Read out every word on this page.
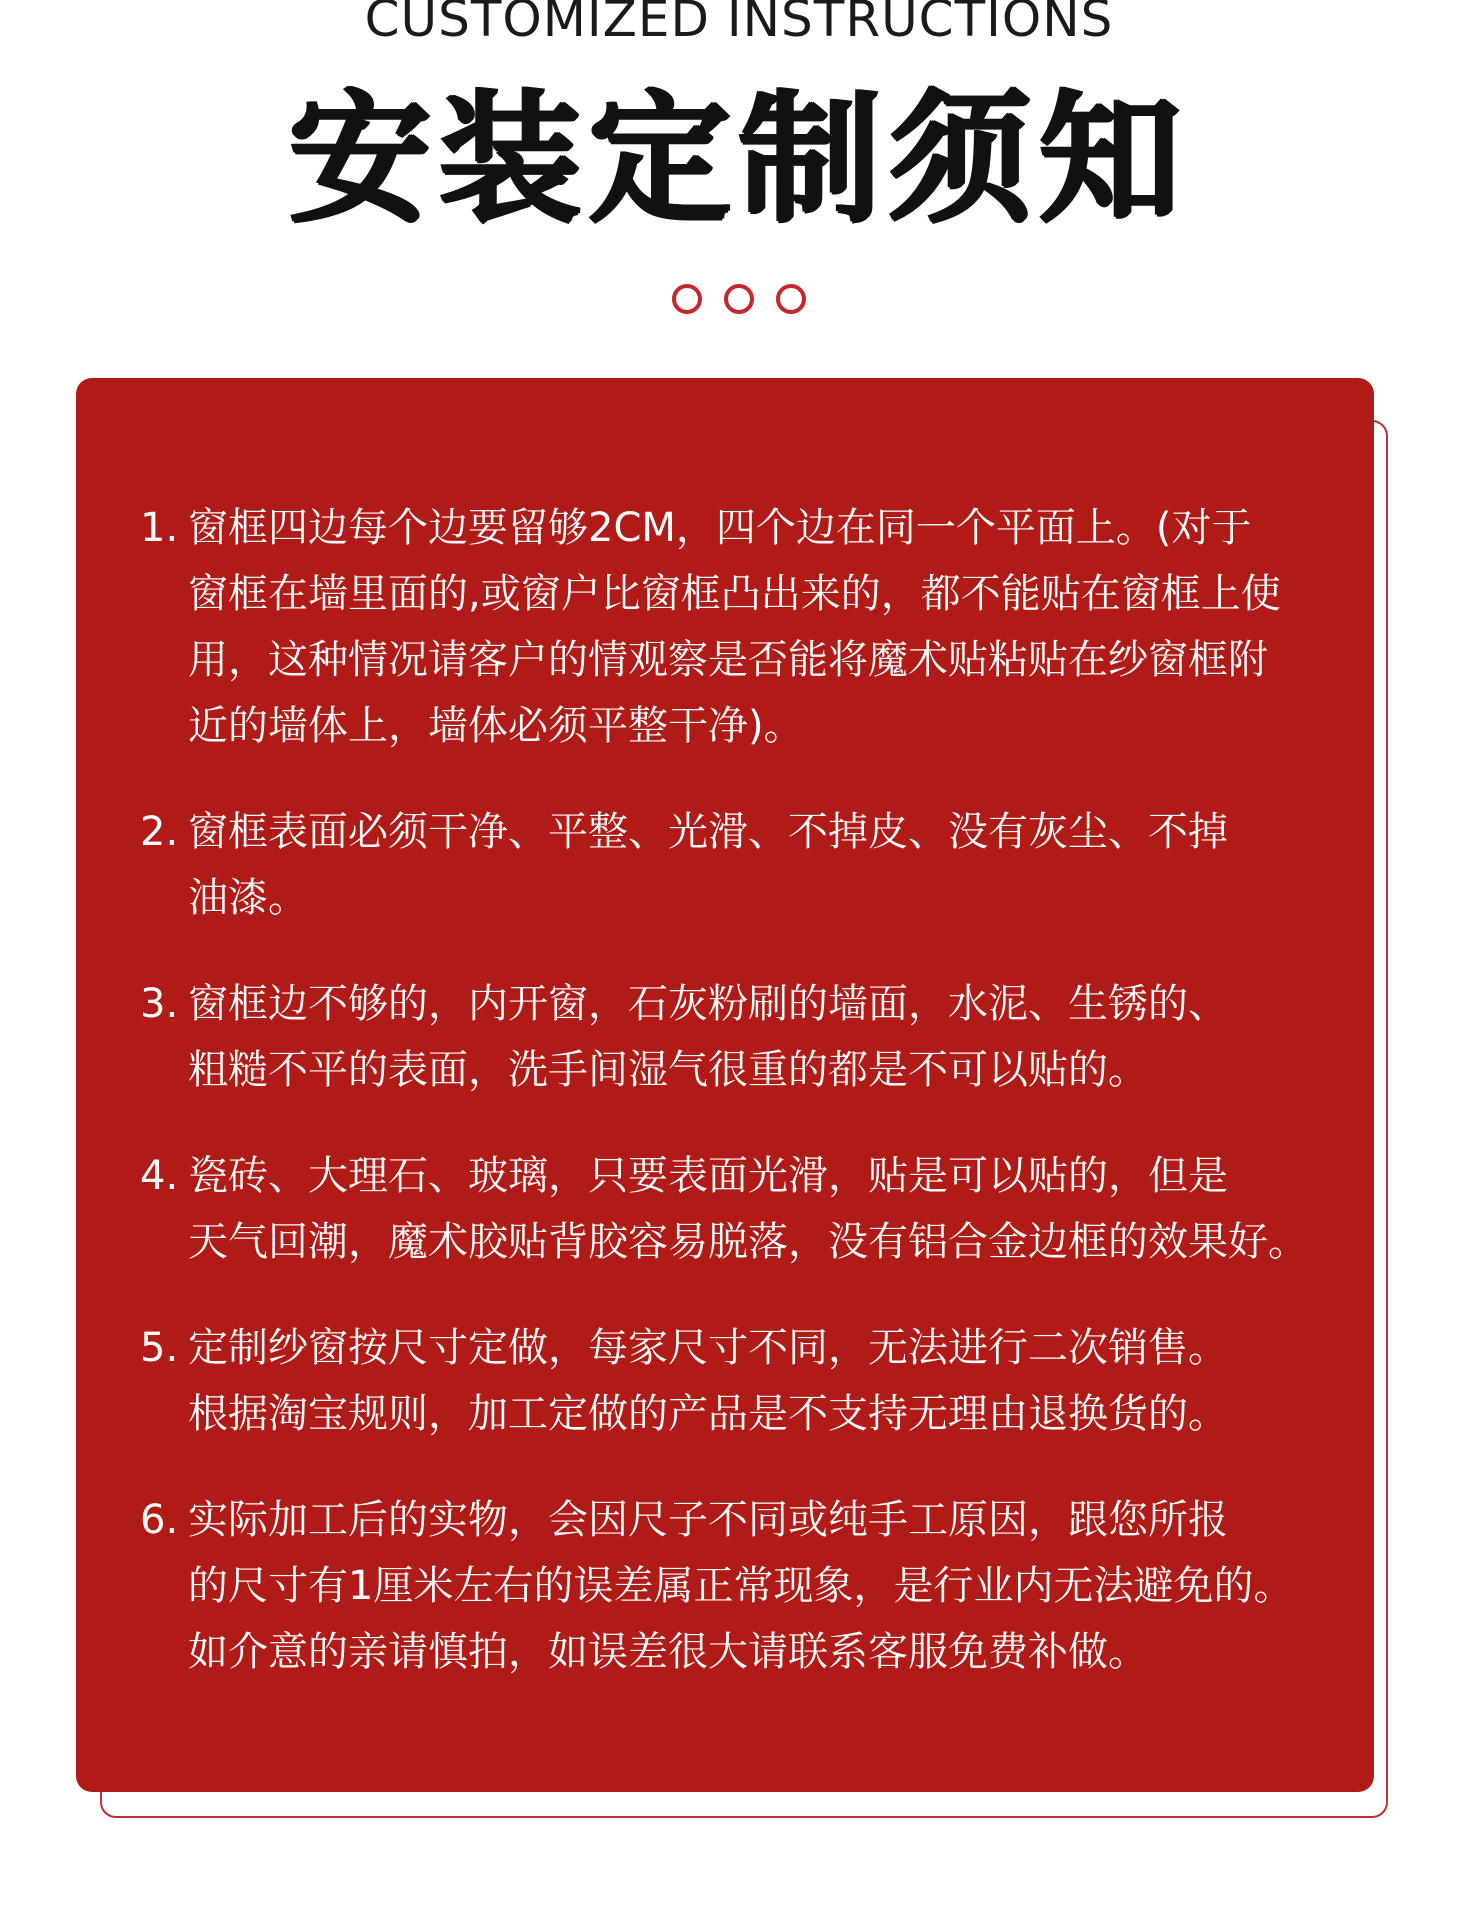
CUSTOMIZED INSTRUCTIONS
安装定制须知
1. 窗框四边每个边要留够2CM，四个边在同一个平面上。(对于
窗框在墙里面的,或窗户比窗框凸出来的，都不能贴在窗框上使
用，这种情况请客户的情观察是否能将魔术贴粘贴在纱窗框附
近的墙体上，墙体必须平整干净)。
2. 窗框表面必须干净、平整、光滑、不掉皮、没有灰尘、不掉
油漆。
3. 窗框边不够的，内开窗，石灰粉刷的墙面，水泥、生锈的、
粗糙不平的表面，洗手间湿气很重的都是不可以贴的。
4. 瓷砖、大理石、玻璃，只要表面光滑，贴是可以贴的，但是
天气回潮，魔术胶贴背胶容易脱落，没有铝合金边框的效果好。
5. 定制纱窗按尺寸定做，每家尺寸不同，无法进行二次销售。
根据淘宝规则，加工定做的产品是不支持无理由退换货的。
6. 实际加工后的实物，会因尺子不同或纯手工原因，跟您所报
的尺寸有1厘米左右的误差属正常现象，是行业内无法避免的。
如介意的亲请慎拍，如误差很大请联系客服免费补做。
